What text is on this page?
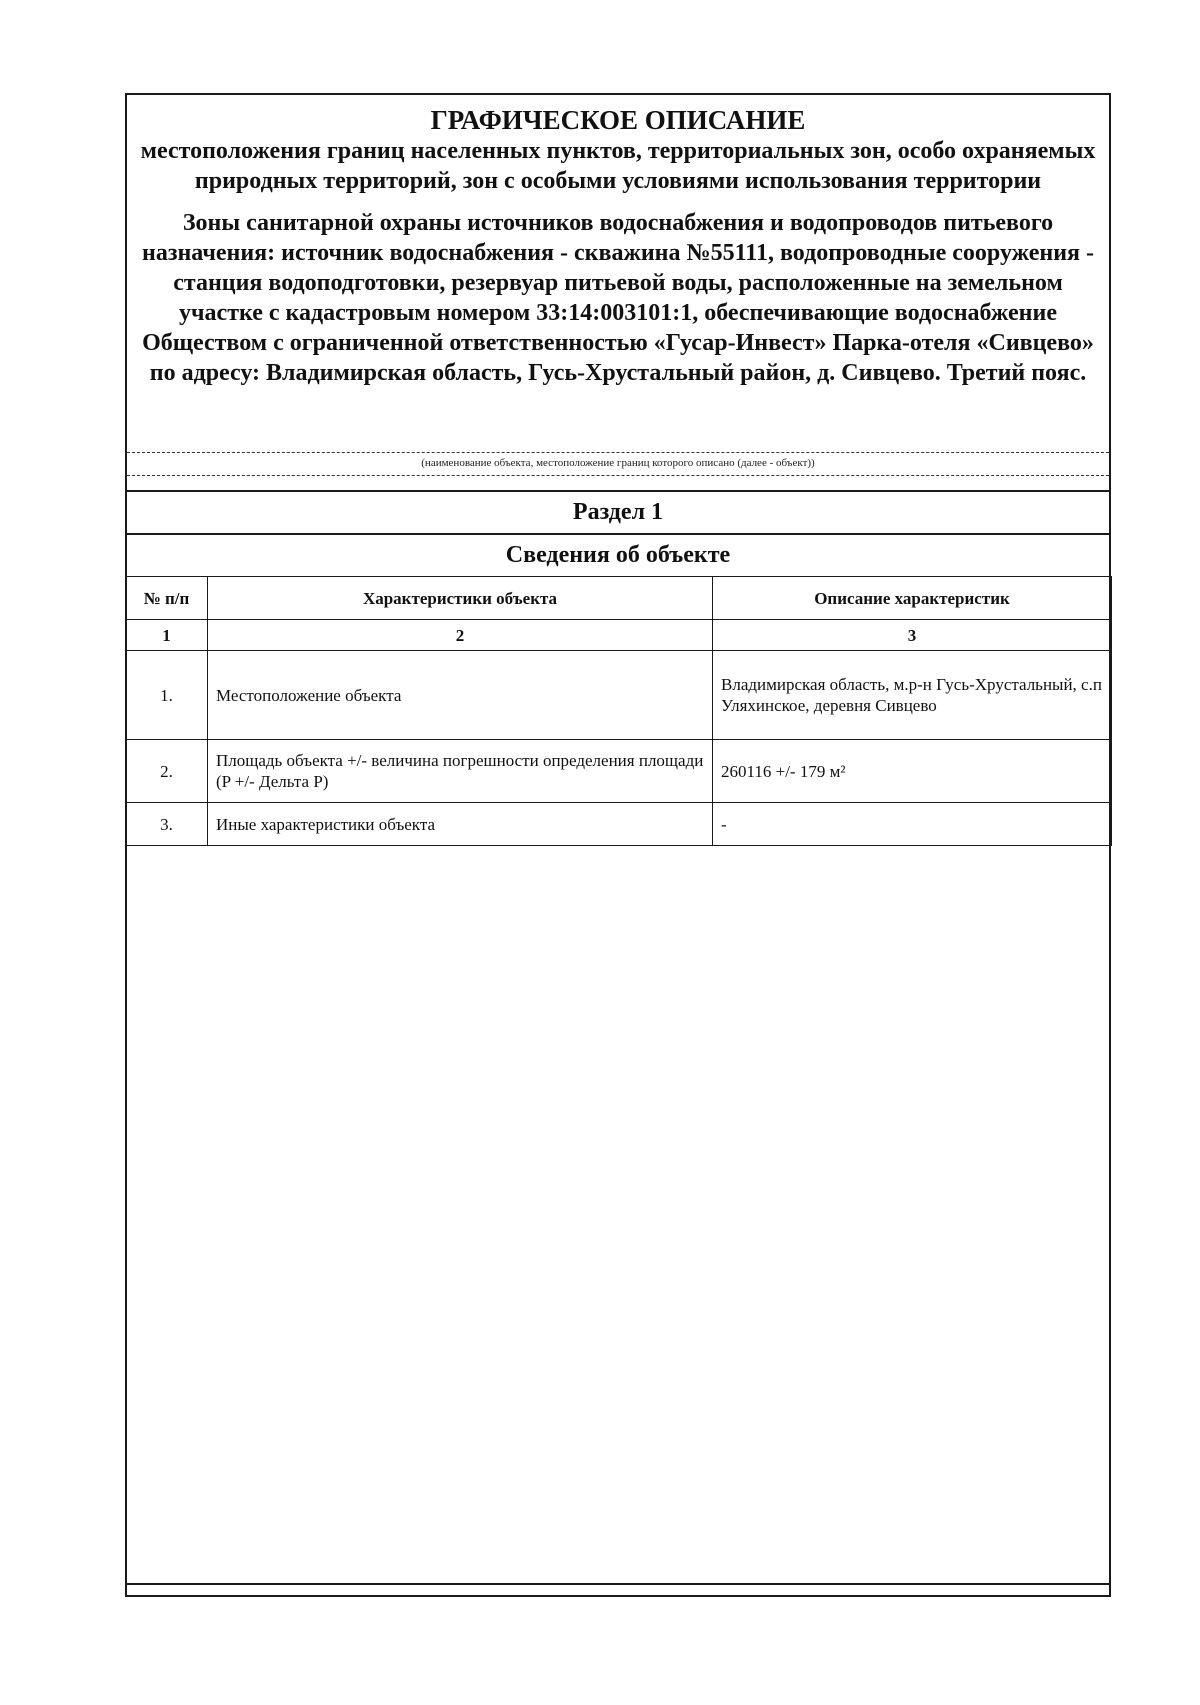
ГРАФИЧЕСКОЕ ОПИСАНИЕ
местоположения границ населенных пунктов, территориальных зон, особо охраняемых природных территорий, зон с особыми условиями использования территории
Зоны санитарной охраны источников водоснабжения и водопроводов питьевого назначения: источник водоснабжения - скважина №55111, водопроводные сооружения - станция водоподготовки, резервуар питьевой воды, расположенные на земельном участке с кадастровым номером 33:14:003101:1, обеспечивающие водоснабжение Обществом с ограниченной ответственностью «Гусар-Инвест» Парка-отеля «Сивцево» по адресу: Владимирская область, Гусь-Хрустальный район, д. Сивцево. Третий пояс.
(наименование объекта, местоположение границ которого описано (далее - объект))
Раздел 1
Сведения об объекте
№ п/п	Характеристики объекта	Описание характеристик
1	2	3
1.	Местоположение объекта	Владимирская область, м.р-н Гусь-Хрустальный, с.п Уляхинское, деревня Сивцево
2.	Площадь объекта +/- величина погрешности определения площади (P +/- Дельта P)	260116 +/- 179 м²
3.	Иные характеристики объекта	-
